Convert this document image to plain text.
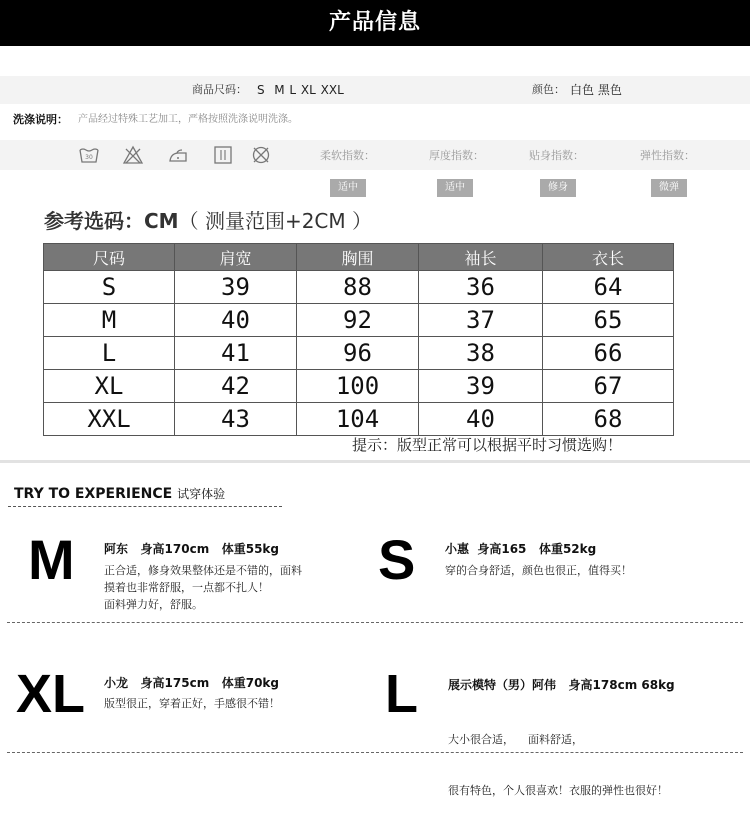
产品信息
商品尺码： S  M L XL XXL	颜色： 白色 黑色
洗涤说明： 产品经过特殊工艺加工，严格按照洗涤说明洗涤。
30	柔软指数：	厚度指数：	贴身指数：	弹性指数：
适中	适中	修身	微弹
参考选码：CM（ 测量范围+2CM ）
尺码	肩宽	胸围	袖长	衣长
S	39	88	36	64
M	40	92	37	65
L	41	96	38	66
XL	42	100	39	67
XXL	43	104	40	68
提示：版型正常可以根据平时习惯选购！
TRY TO EXPERIENCE 试穿体验
M 阿东   身高170cm   体重55kg
正合适，修身效果整体还是不错的，面料
摸着也非常舒服，一点都不扎人！
面料弹力好，舒服。
S 小惠  身高165   体重52kg
穿的合身舒适，颜色也很正，值得买！
XL 小龙   身高175cm   体重70kg
版型很正，穿着正好，手感很不错！ L	展示模特（男）阿伟   身高178cm 68kg

大小很合适，    面料舒适，

很有特色，个人很喜欢！衣服的弹性也很好！
